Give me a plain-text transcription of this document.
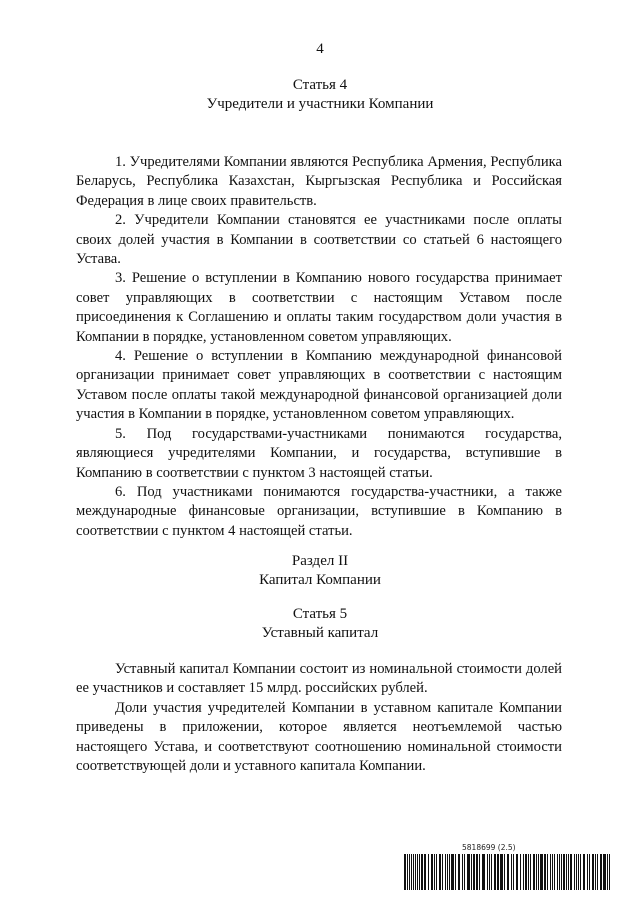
4
Статья 4
Учредители и участники Компании

1. Учредителями Компании являются Республика Армения, Республика Беларусь, Республика Казахстан, Кыргызская Республика и Российская Федерация в лице своих правительств.

2. Учредители Компании становятся ее участниками после оплаты своих долей участия в Компании в соответствии со статьей 6 настоящего Устава.

3. Решение о вступлении в Компанию нового государства принимает совет управляющих в соответствии с настоящим Уставом после присоединения к Соглашению и оплаты таким государством доли участия в Компании в порядке, установленном советом управляющих.

4. Решение о вступлении в Компанию международной финансовой организации принимает совет управляющих в соответствии с настоящим Уставом после оплаты такой международной финансовой организацией доли участия в Компании в порядке, установленном советом управляющих.

5. Под государствами-участниками понимаются государства, являющиеся учредителями Компании, и государства, вступившие в Компанию в соответствии с пунктом 3 настоящей статьи.

6. Под участниками понимаются государства-участники, а также международные финансовые организации, вступившие в Компанию в соответствии с пунктом 4 настоящей статьи.

Раздел II
Капитал Компании
Статья 5
Уставный капитал

Уставный капитал Компании состоит из номинальной стоимости долей ее участников и составляет 15 млрд. российских рублей.

Доли участия учредителей Компании в уставном капитале Компании приведены в приложении, которое является неотъемлемой частью настоящего Устава, и соответствуют соотношению номинальной стоимости соответствующей доли и уставного капитала Компании.

5818699 (2.5)
